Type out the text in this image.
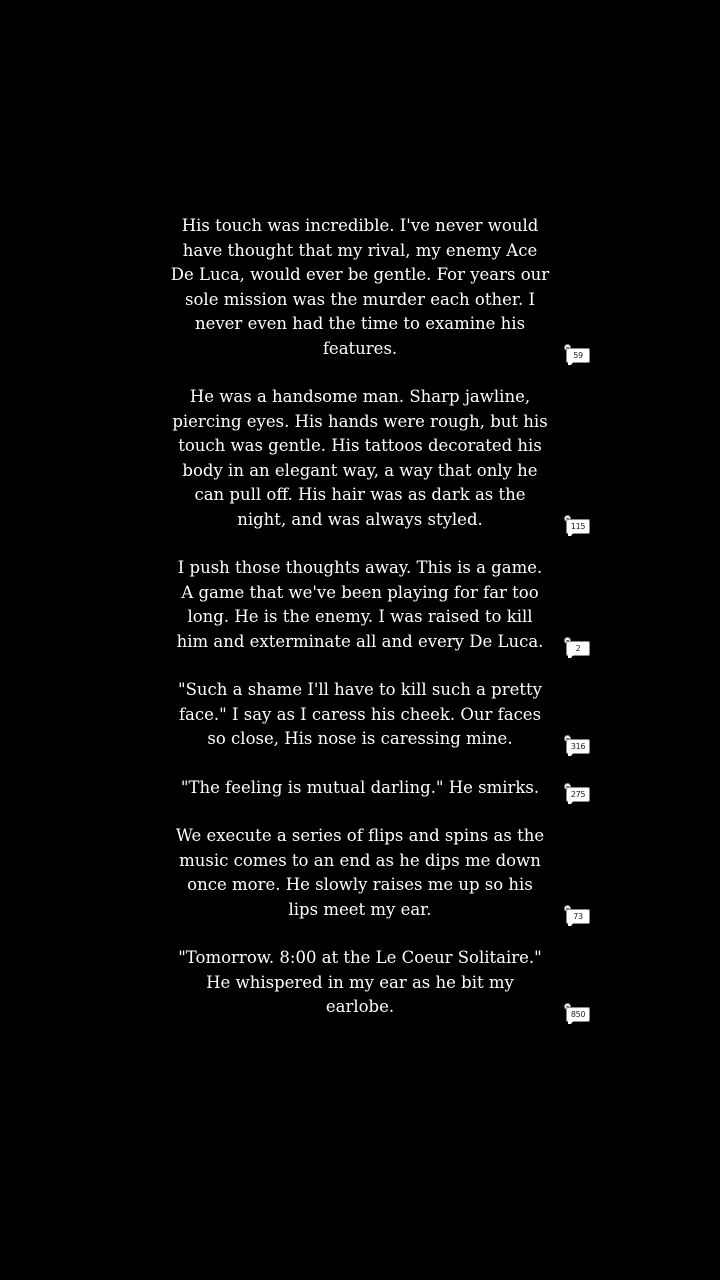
His touch was incredible. I've never would have thought that my rival, my enemy Ace De Luca, would ever be gentle. For years our sole mission was the murder each other. I never even had the time to examine his features.	59
He was a handsome man. Sharp jawline, piercing eyes. His hands were rough, but his touch was gentle. His tattoos decorated his body in an elegant way, a way that only he can pull off. His hair was as dark as the night, and was always styled.	115
I push those thoughts away. This is a game. A game that we've been playing for far too long. He is the enemy. I was raised to kill him and exterminate all and every De Luca.	2
"Such a shame I'll have to kill such a pretty face." I say as I caress his cheek. Our faces so close, His nose is caressing mine.	316
"The feeling is mutual darling." He smirks.	275
We execute a series of flips and spins as the music comes to an end as he dips me down once more. He slowly raises me up so his lips meet my ear.	73
"Tomorrow. 8:00 at the Le Coeur Solitaire." He whispered in my ear as he bit my earlobe.	850
